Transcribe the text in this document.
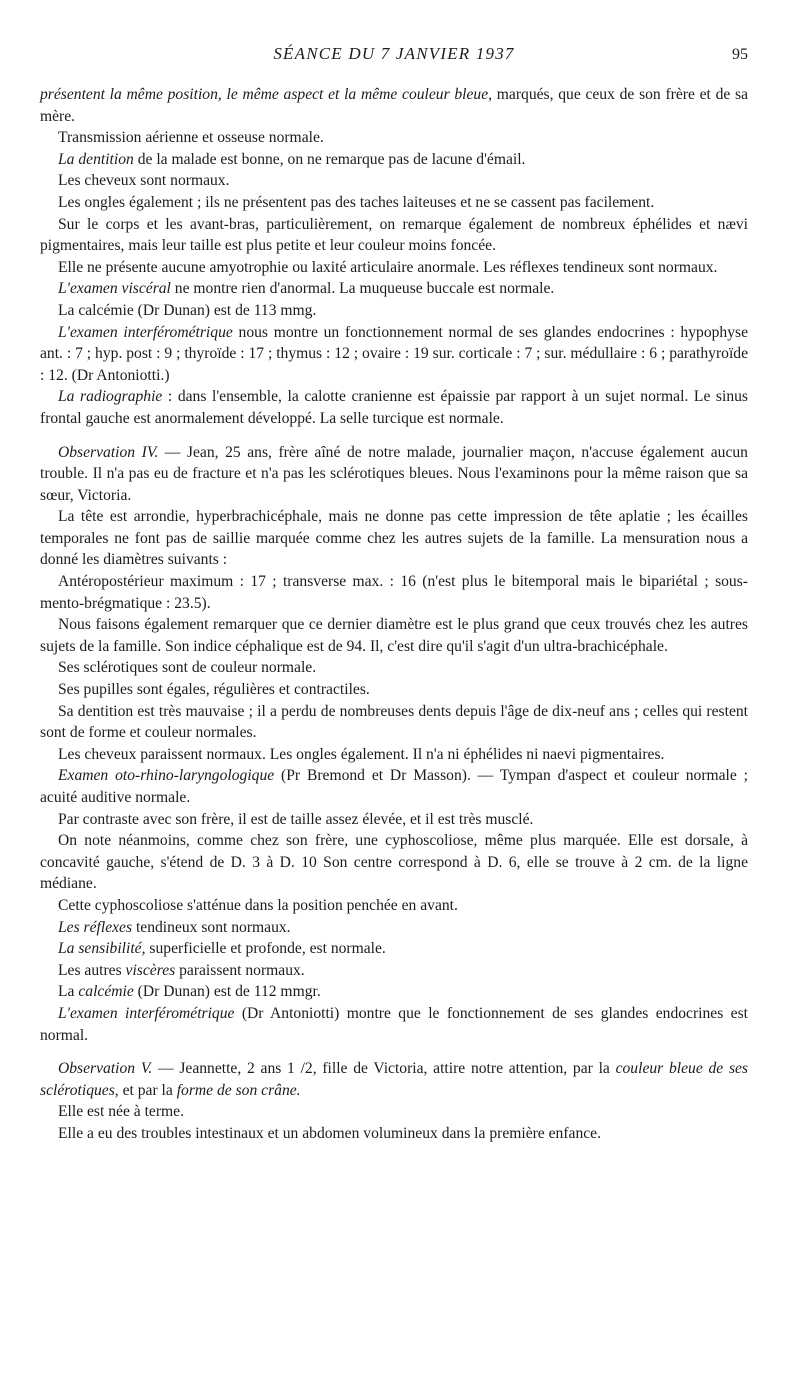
SÉANCE DU 7 JANVIER 1937	95

présentent la même position, le même aspect et la même couleur bleue, marqués, que ceux de son frère et de sa mère.

Transmission aérienne et osseuse normale.

La dentition de la malade est bonne, on ne remarque pas de lacune d'émail.

Les cheveux sont normaux.

Les ongles également ; ils ne présentent pas des taches laiteuses et ne se cassent pas facilement.

Sur le corps et les avant-bras, particulièrement, on remarque également de nombreux éphélides et nævi pigmentaires, mais leur taille est plus petite et leur couleur moins foncée.

Elle ne présente aucune amyotrophie ou laxité articulaire anormale. Les réflexes tendineux sont normaux.

L'examen viscéral ne montre rien d'anormal. La muqueuse buccale est normale.

La calcémie (Dr Dunan) est de 113 mmg.

L'examen interférométrique nous montre un fonctionnement normal de ses glandes endocrines : hypophyse ant. : 7 ; hyp. post : 9 ; thyroïde : 17 ; thymus : 12 ; ovaire : 19 sur. corticale : 7 ; sur. médullaire : 6 ; parathyroïde : 12. (Dr Antoniotti.)

La radiographie : dans l'ensemble, la calotte cranienne est épaissie par rapport à un sujet normal. Le sinus frontal gauche est anormalement développé. La selle turcique est normale.

Observation IV. — Jean, 25 ans, frère aîné de notre malade, journalier maçon, n'accuse également aucun trouble. Il n'a pas eu de fracture et n'a pas les sclérotiques bleues. Nous l'examinons pour la même raison que sa sœur, Victoria.

La tête est arrondie, hyperbrachicéphale, mais ne donne pas cette impression de tête aplatie ; les écailles temporales ne font pas de saillie marquée comme chez les autres sujets de la famille. La mensuration nous a donné les diamètres suivants :

Antéropostérieur maximum : 17 ; transverse max. : 16 (n'est plus le bitemporal mais le bipariétal ; sous-mento-brégmatique : 23.5).

Nous faisons également remarquer que ce dernier diamètre est le plus grand que ceux trouvés chez les autres sujets de la famille. Son indice céphalique est de 94. Il, c'est dire qu'il s'agit d'un ultra-brachicéphale.

Ses sclérotiques sont de couleur normale.

Ses pupilles sont égales, régulières et contractiles.

Sa dentition est très mauvaise ; il a perdu de nombreuses dents depuis l'âge de dix-neuf ans ; celles qui restent sont de forme et couleur normales.

Les cheveux paraissent normaux. Les ongles également. Il n'a ni éphélides ni naevi pigmentaires.

Examen oto-rhino-laryngologique (Pr Bremond et Dr Masson). — Tympan d'aspect et couleur normale ; acuité auditive normale.

Par contraste avec son frère, il est de taille assez élevée, et il est très musclé.

On note néanmoins, comme chez son frère, une cyphoscoliose, même plus marquée. Elle est dorsale, à concavité gauche, s'étend de D. 3 à D. 10 Son centre correspond à D. 6, elle se trouve à 2 cm. de la ligne médiane.

Cette cyphoscoliose s'atténue dans la position penchée en avant.

Les réflexes tendineux sont normaux.

La sensibilité, superficielle et profonde, est normale.

Les autres viscères paraissent normaux.

La calcémie (Dr Dunan) est de 112 mmgr.

L'examen interférométrique (Dr Antoniotti) montre que le fonctionnement de ses glandes endocrines est normal.

Observation V. — Jeannette, 2 ans 1 /2, fille de Victoria, attire notre attention, par la couleur bleue de ses sclérotiques, et par la forme de son crâne.

Elle est née à terme.

Elle a eu des troubles intestinaux et un abdomen volumineux dans la première enfance.
